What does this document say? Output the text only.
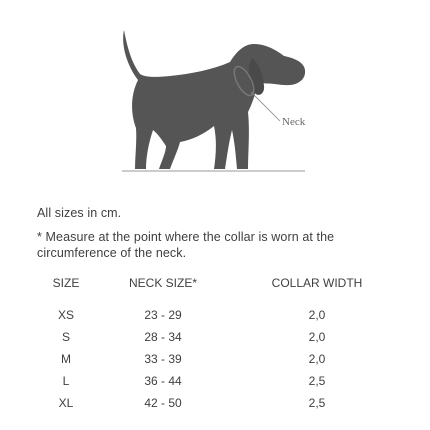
Neck
All sizes in cm.
* Measure at the point where the collar is worn at the circumference of the neck.
SIZE	NECK SIZE*	COLLAR WIDTH
XS	23 - 29	2,0
S	28 - 34	2,0
M	33 - 39	2,0
L	36 - 44	2,5
XL	42 - 50	2,5
